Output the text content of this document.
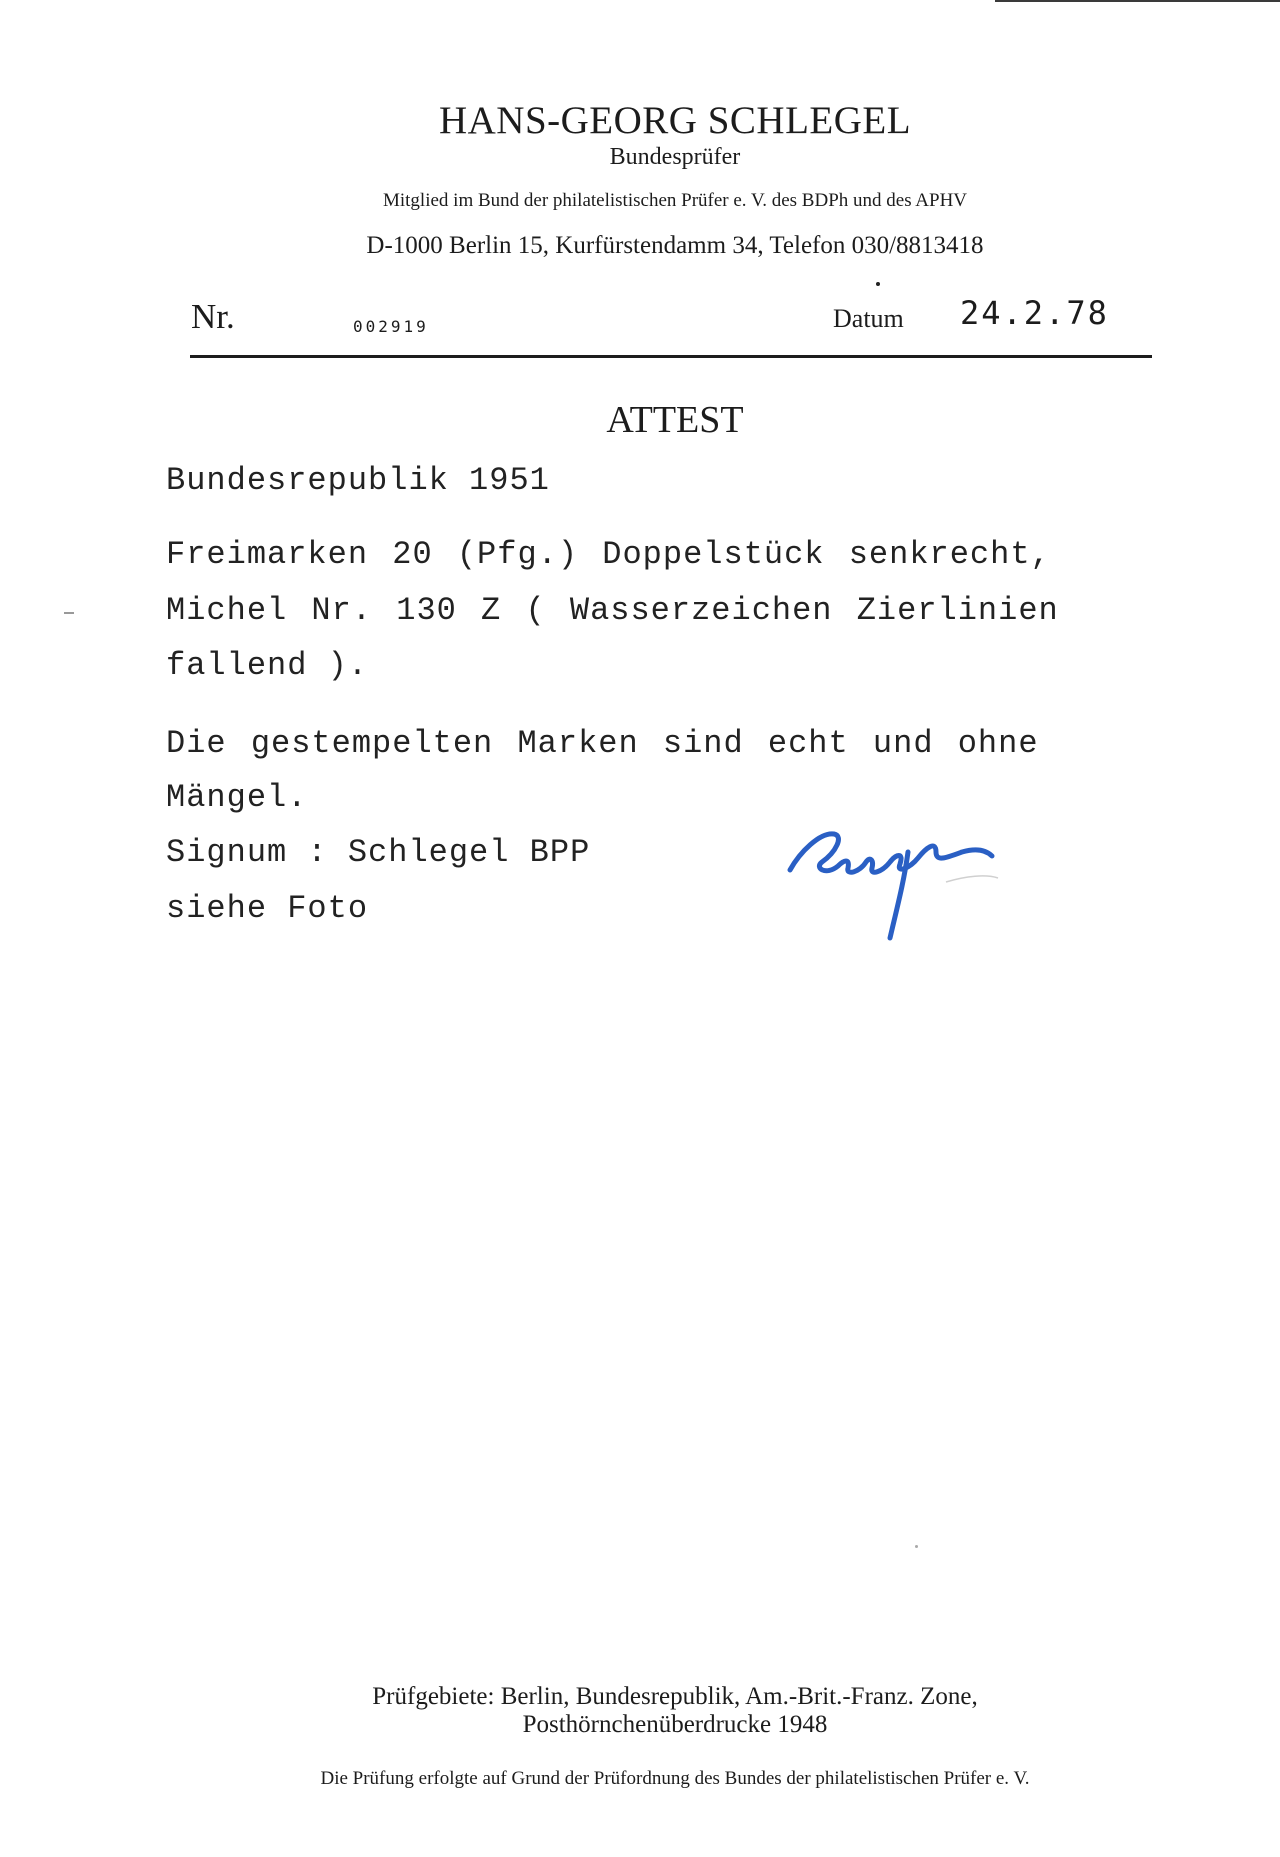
HANS-GEORG SCHLEGEL
Bundesprüfer
Mitglied im Bund der philatelistischen Prüfer e. V. des BDPh und des APHV
D-1000 Berlin 15, Kurfürstendamm 34, Telefon 030/8813418
Nr.	002919	Datum 24.2.78
ATTEST
Bundesrepublik 1951
Freimarken 20 (Pfg.) Doppelstück senkrecht,
Michel Nr. 130 Z ( Wasserzeichen Zierlinien
fallend ).
Die gestempelten Marken sind echt und ohne
Mängel.
Signum : Schlegel BPP
siehe Foto
Prüfgebiete: Berlin, Bundesrepublik, Am.-Brit.-Franz. Zone,
Posthörnchenüberdrucke 1948
Die Prüfung erfolgte auf Grund der Prüfordnung des Bundes der philatelistischen Prüfer e. V.
